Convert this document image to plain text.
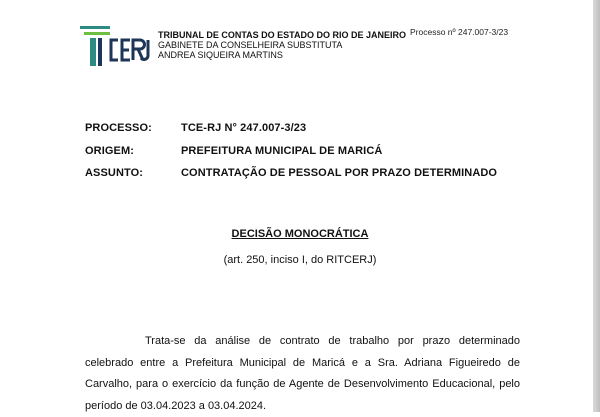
TRIBUNAL DE CONTAS DO ESTADO DO RIO DE JANEIRO
GABINETE DA CONSELHEIRA SUBSTITUTA
ANDREA SIQUEIRA MARTINS
Processo nº 247.007-3/23
PROCESSO:	TCE-RJ N° 247.007-3/23
ORIGEM:	PREFEITURA MUNICIPAL DE MARICÁ
ASSUNTO:	CONTRATAÇÃO DE PESSOAL POR PRAZO DETERMINADO
DECISÃO MONOCRÁTICA
(art. 250, inciso I, do RITCERJ)
Trata-se da análise de contrato de trabalho por prazo determinado celebrado entre a Prefeitura Municipal de Maricá e a Sra. Adriana Figueiredo de Carvalho, para o exercício da função de Agente de Desenvolvimento Educacional, pelo período de 03.04.2023 a 03.04.2024.
